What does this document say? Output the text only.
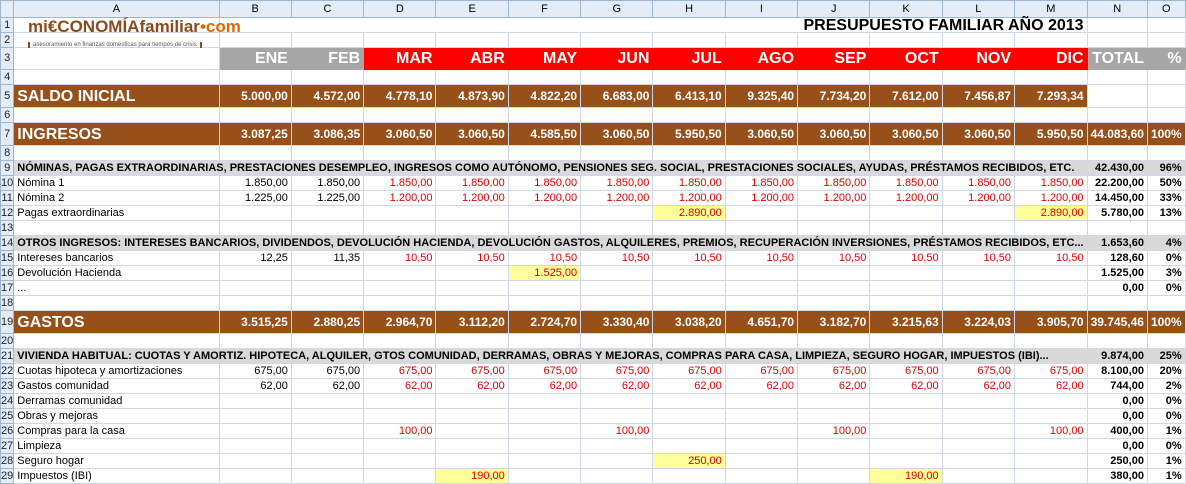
	A	B	C	D	E	F	G	H	I	J	K	L	M	N	O
1		PRESUPUESTO FAMILIAR AÑO 2013													
2															
3		ENE	FEB	MAR	ABR	MAY	JUN	JUL	AGO	SEP	OCT	NOV	DIC	TOTAL	%
4															
5	SALDO INICIAL	5.000,00	4.572,00	4.778,10	4.873,90	4.822,20	6.683,00	6.413,10	9.325,40	7.734,20	7.612,00	7.456,87	7.293,34		
6															
7	INGRESOS	3.087,25	3.086,35	3.060,50	3.060,50	4.585,50	3.060,50	5.950,50	3.060,50	3.060,50	3.060,50	3.060,50	5.950,50	44.083,60	100%
8															
9	NÓMINAS, PAGAS EXTRAORDINARIAS, PRESTACIONES DESEMPLEO, INGRESOS COMO AUTÓNOMO, PENSIONES SEG. SOCIAL, PRESTACIONES SOCIALES, AYUDAS, PRÉSTAMOS RECIBIDOS, ETC.													42.430,00	96%
10	Nómina 1	1.850,00	1.850,00	1.850,00	1.850,00	1.850,00	1.850,00	1.850,00	1.850,00	1.850,00	1.850,00	1.850,00	1.850,00	22.200,00	50%
11	Nómina 2	1.225,00	1.225,00	1.200,00	1.200,00	1.200,00	1.200,00	1.200,00	1.200,00	1.200,00	1.200,00	1.200,00	1.200,00	14.450,00	33%
12	Pagas extraordinarias							2.890,00					2.890,00	5.780,00	13%
13															
14	OTROS INGRESOS: INTERESES BANCARIOS, DIVIDENDOS, DEVOLUCIÓN HACIENDA, DEVOLUCIÓN GASTOS, ALQUILERES, PREMIOS, RECUPERACIÓN INVERSIONES, PRÉSTAMOS RECIBIDOS, ETC...													1.653,60	4%
15	Intereses bancarios	12,25	11,35	10,50	10,50	10,50	10,50	10,50	10,50	10,50	10,50	10,50	10,50	128,60	0%
16	Devolución Hacienda					1.525,00								1.525,00	3%
17	...													0,00	0%
18															
19	GASTOS	3.515,25	2.880,25	2.964,70	3.112,20	2.724,70	3.330,40	3.038,20	4.651,70	3.182,70	3.215,63	3.224,03	3.905,70	39.745,46	100%
20															
21	VIVIENDA HABITUAL: CUOTAS Y AMORTIZ. HIPOTECA, ALQUILER, GTOS COMUNIDAD, DERRAMAS, OBRAS Y MEJORAS, COMPRAS PARA CASA, LIMPIEZA, SEGURO HOGAR, IMPUESTOS (IBI)...													9.874,00	25%
22	Cuotas hipoteca y amortizaciones	675,00	675,00	675,00	675,00	675,00	675,00	675,00	675,00	675,00	675,00	675,00	675,00	8.100,00	20%
23	Gastos comunidad	62,00	62,00	62,00	62,00	62,00	62,00	62,00	62,00	62,00	62,00	62,00	62,00	744,00	2%
24	Derramas comunidad													0,00	0%
25	Obras y mejoras													0,00	0%
26	Compras para la casa			100,00			100,00			100,00			100,00	400,00	1%
27	Limpieza													0,00	0%
28	Seguro hogar							250,00						250,00	1%
29	Impuestos (IBI)				190,00						190,00			380,00	1%
mi€CONOMÍAfamiliar•com
asesoramiento en finanzas domésticas para tiempos de crisis
